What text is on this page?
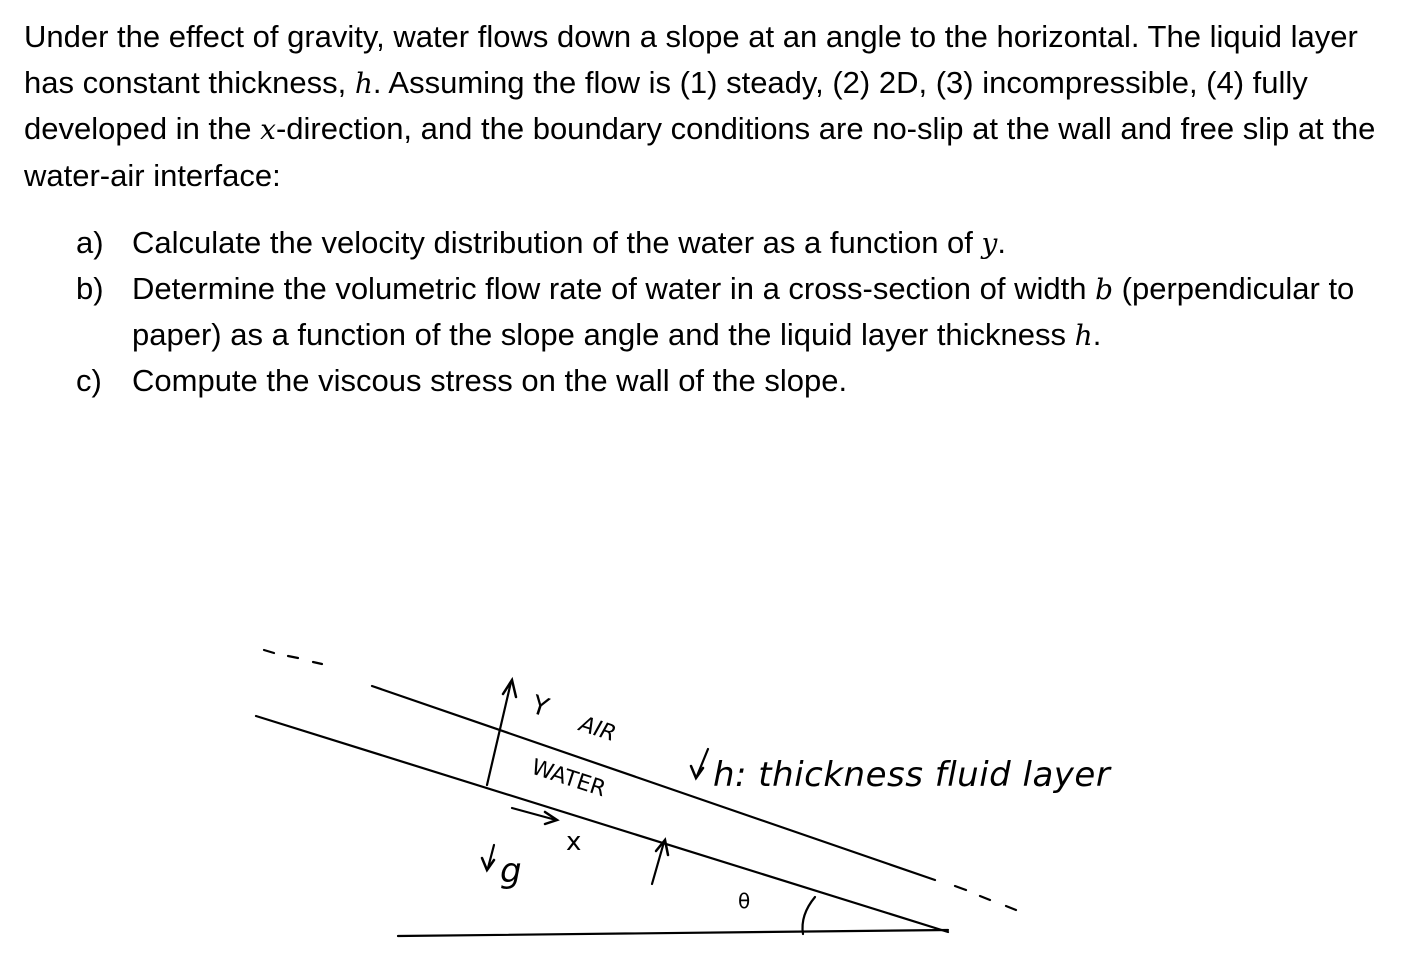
Under the effect of gravity, water flows down a slope at an angle to the horizontal. The liquid layer has constant thickness, h. Assuming the flow is (1) steady, (2) 2D, (3) incompressible, (4) fully developed in the x-direction, and the boundary conditions are no-slip at the wall and free slip at the water-air interface:

a) Calculate the velocity distribution of the water as a function of y.
b) Determine the volumetric flow rate of water in a cross-section of width b (perpendicular to paper) as a function of the slope angle and the liquid layer thickness h.
c) Compute the viscous stress on the wall of the slope.
Y
AIR
WATER
x
h: thickness fluid layer
g
θ
